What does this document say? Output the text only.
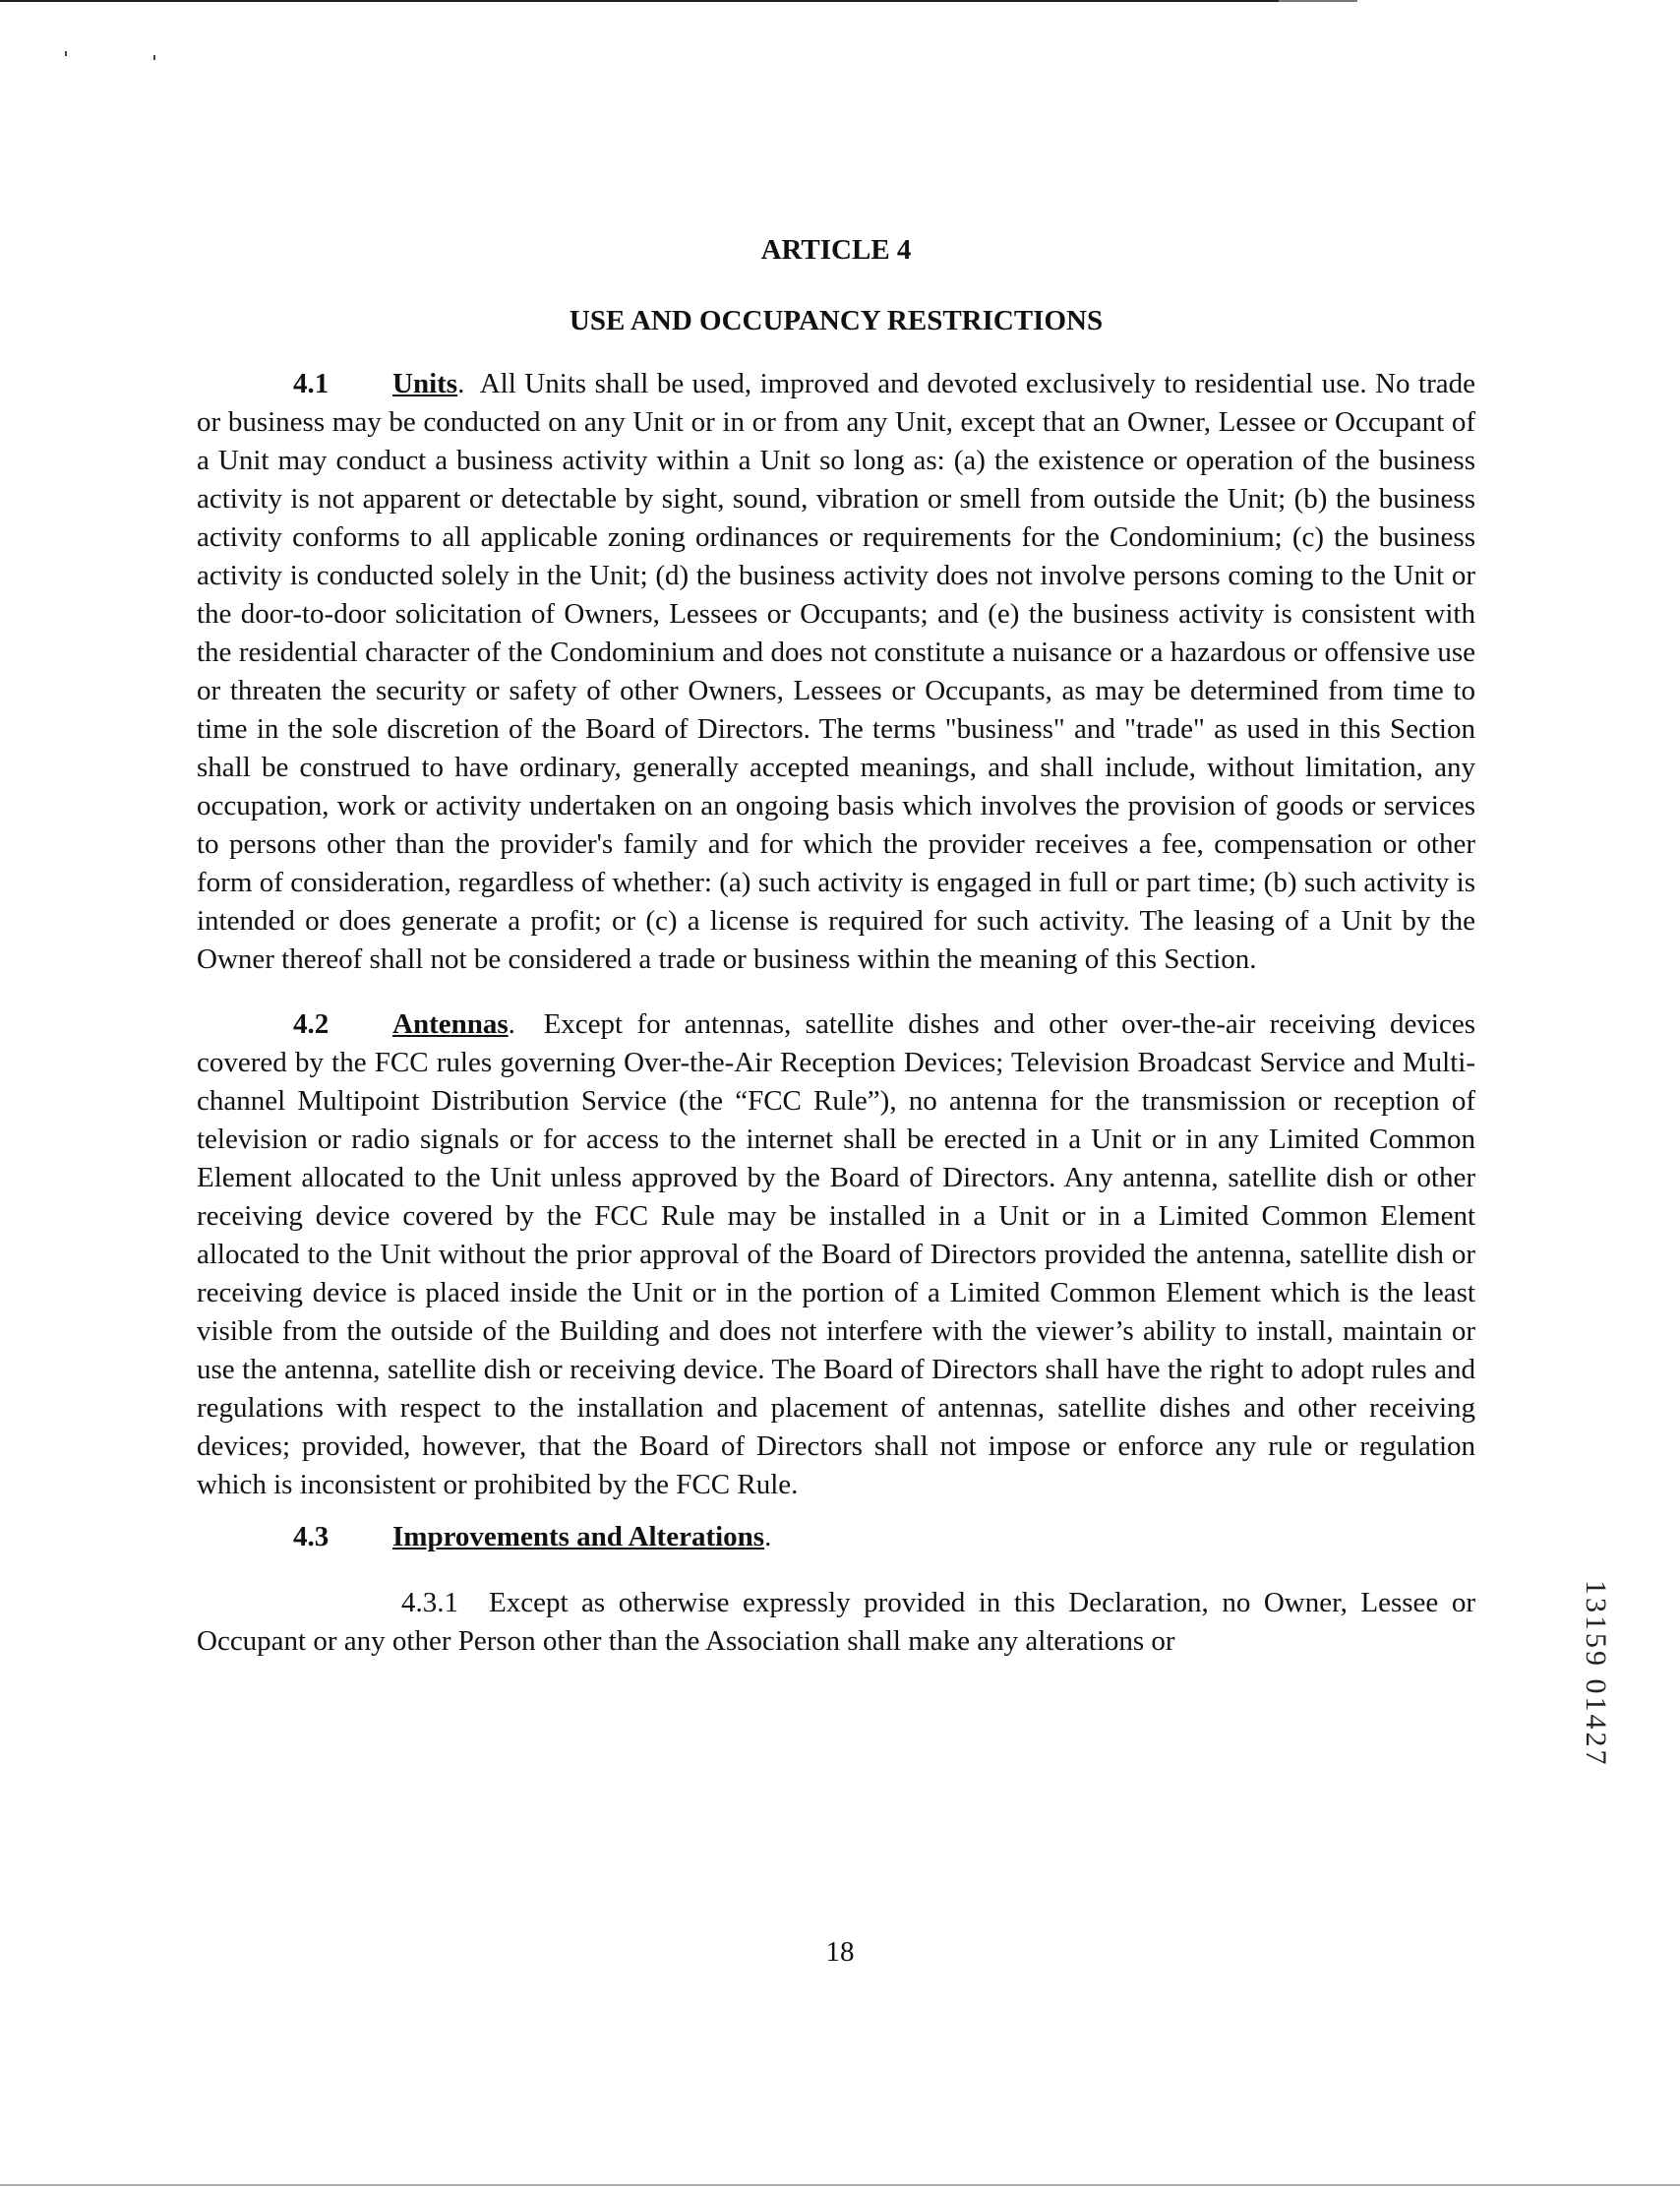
ARTICLE 4
USE AND OCCUPANCY RESTRICTIONS

4.1 Units. All Units shall be used, improved and devoted exclusively to residential use. No trade or business may be conducted on any Unit or in or from any Unit, except that an Owner, Lessee or Occupant of a Unit may conduct a business activity within a Unit so long as: (a) the existence or operation of the business activity is not apparent or detectable by sight, sound, vibration or smell from outside the Unit; (b) the business activity conforms to all applicable zoning ordinances or requirements for the Condominium; (c) the business activity is conducted solely in the Unit; (d) the business activity does not involve persons coming to the Unit or the door-to-door solicitation of Owners, Lessees or Occupants; and (e) the business activity is consistent with the residential character of the Condominium and does not constitute a nuisance or a hazardous or offensive use or threaten the security or safety of other Owners, Lessees or Occupants, as may be determined from time to time in the sole discretion of the Board of Directors. The terms "business" and "trade" as used in this Section shall be construed to have ordinary, generally accepted meanings, and shall include, without limitation, any occupation, work or activity undertaken on an ongoing basis which involves the provision of goods or services to persons other than the provider's family and for which the provider receives a fee, compensation or other form of consideration, regardless of whether: (a) such activity is engaged in full or part time; (b) such activity is intended or does generate a profit; or (c) a license is required for such activity. The leasing of a Unit by the Owner thereof shall not be considered a trade or business within the meaning of this Section.

4.2 Antennas. Except for antennas, satellite dishes and other over-the-air receiving devices covered by the FCC rules governing Over-the-Air Reception Devices; Television Broadcast Service and Multi-channel Multipoint Distribution Service (the “FCC Rule”), no antenna for the transmission or reception of television or radio signals or for access to the internet shall be erected in a Unit or in any Limited Common Element allocated to the Unit unless approved by the Board of Directors. Any antenna, satellite dish or other receiving device covered by the FCC Rule may be installed in a Unit or in a Limited Common Element allocated to the Unit without the prior approval of the Board of Directors provided the antenna, satellite dish or receiving device is placed inside the Unit or in the portion of a Limited Common Element which is the least visible from the outside of the Building and does not interfere with the viewer’s ability to install, maintain or use the antenna, satellite dish or receiving device. The Board of Directors shall have the right to adopt rules and regulations with respect to the installation and placement of antennas, satellite dishes and other receiving devices; provided, however, that the Board of Directors shall not impose or enforce any rule or regulation which is inconsistent or prohibited by the FCC Rule.

4.3 Improvements and Alterations.

4.3.1 Except as otherwise expressly provided in this Declaration, no Owner, Lessee or Occupant or any other Person other than the Association shall make any alterations or

18
13159 01427
